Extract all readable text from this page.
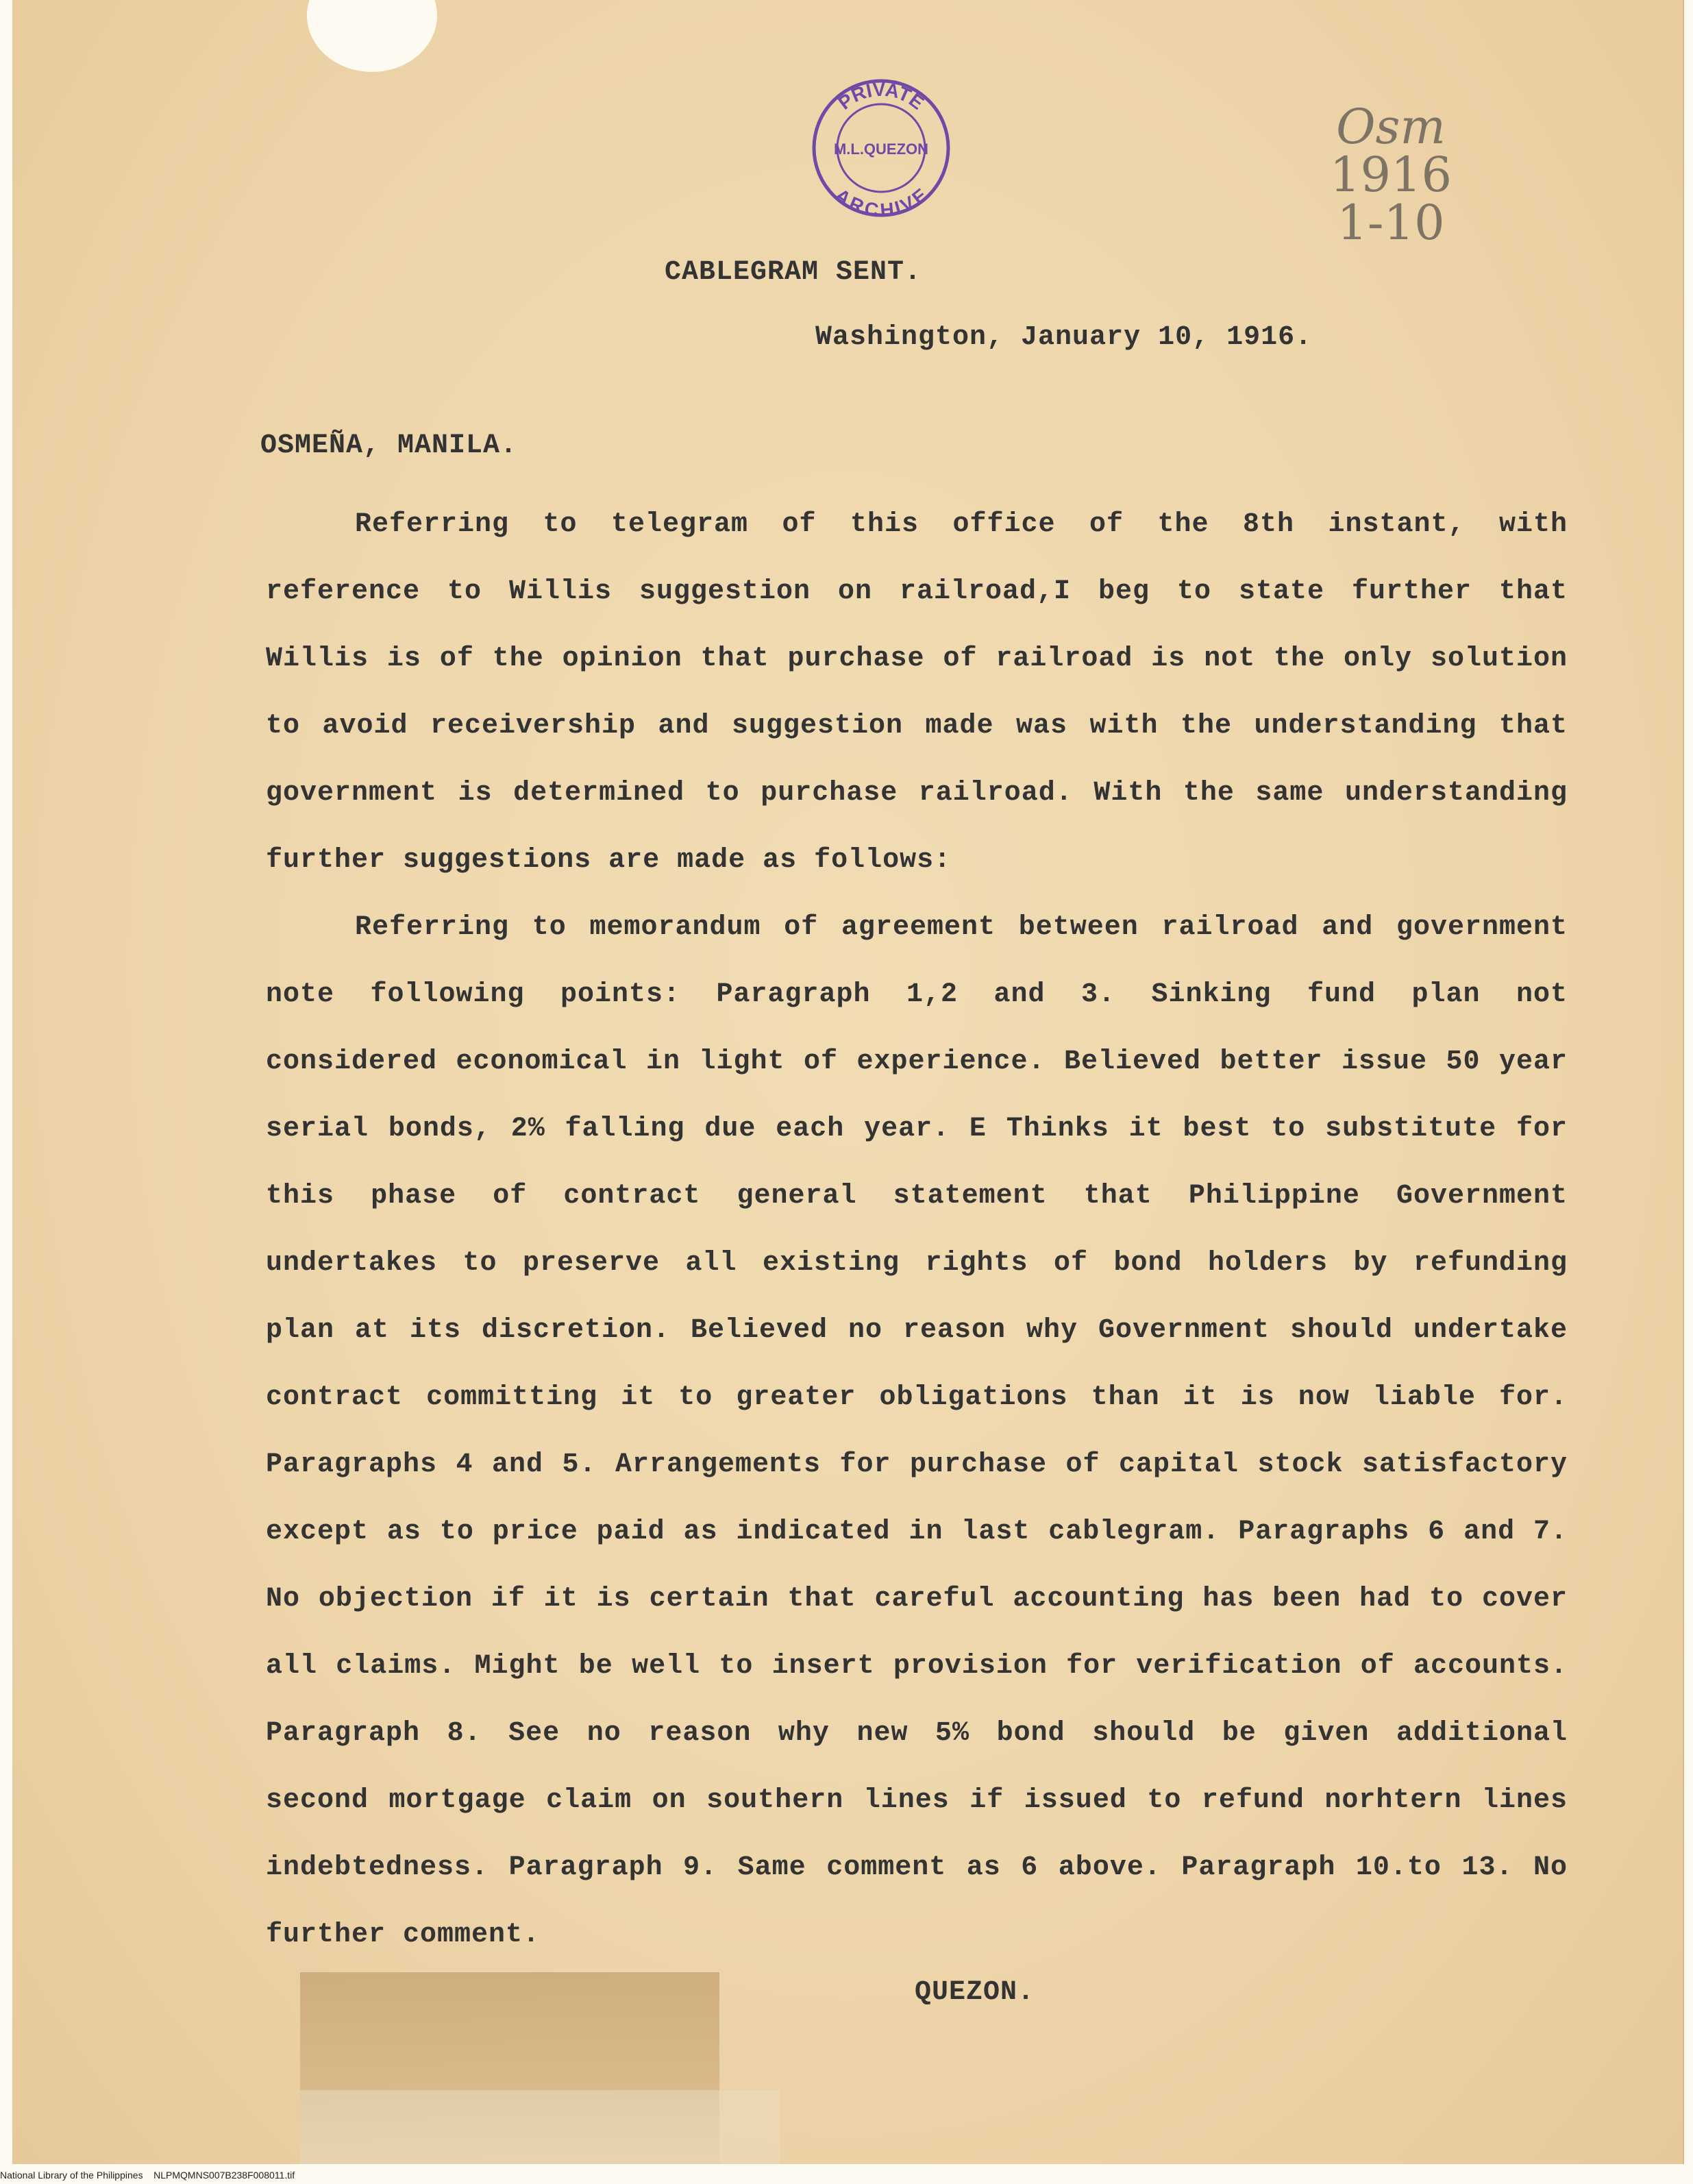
PRIVATE
M.L.QUEZON
ARCHIVE
Osm
1916
1-10
CABLEGRAM SENT.
Washington, January 10, 1916.
OSMEÑA, MANILA.

Referring to telegram of this office of the 8th instant, with reference to Willis suggestion on railroad,I beg to state further that Willis is of the opinion that purchase of railroad is not the only solution to avoid receivership and suggestion made was with the understanding that government is determined to purchase railroad. With the same understanding further suggestions are made as follows:

Referring to memorandum of agreement between railroad and government note following points: Paragraph 1,2 and 3. Sinking fund plan not considered economical in light of experience. Believed better issue 50 year serial bonds, 2% falling due each year. E Thinks it best to substitute for this phase of contract general statement that Philippine Government undertakes to preserve all existing rights of bond holders by refunding plan at its discretion. Believed no reason why Government should undertake contract committing it to greater obligations than it is now liable for. Paragraphs 4 and 5. Arrangements for purchase of capital stock satisfactory except as to price paid as indicated in last cablegram. Paragraphs 6 and 7. No objection if it is certain that careful accounting has been had to cover all claims. Might be well to insert provision for verification of accounts. Paragraph 8. See no reason why new 5% bond should be given additional second mortgage claim on southern lines if issued to refund norhtern lines indebtedness. Paragraph 9. Same comment as 6 above. Paragraph 10.to 13. No further comment.

QUEZON.
National Library of the Philippines NLPMQMNS007B238F008011.tif
